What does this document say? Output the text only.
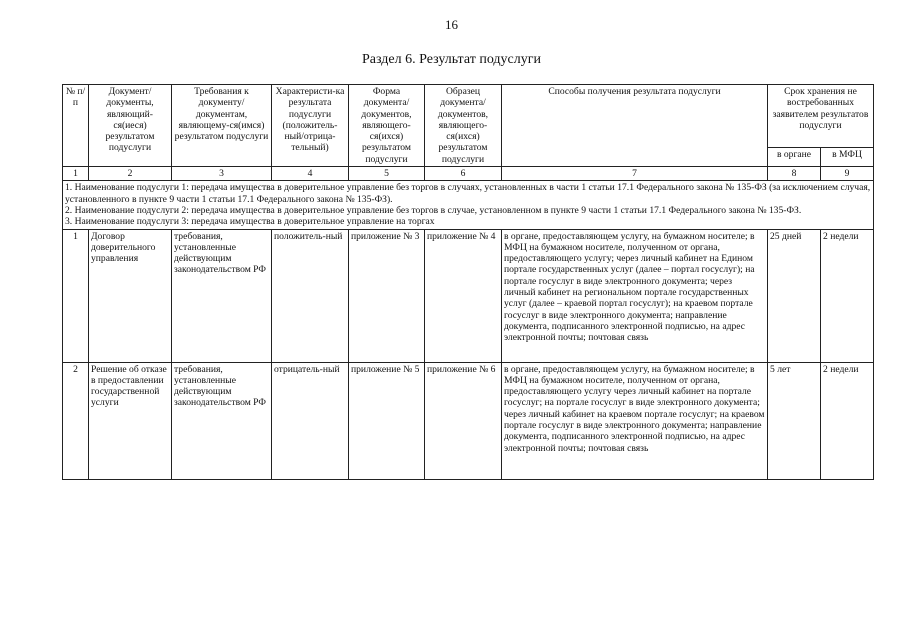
16
Раздел 6. Результат подуслуги
№ п/п	Документ/ документы, являющий-ся(иеся) результатом подуслуги	Требования к документу/ документам, являющему-ся(имся) результатом подуслуги	Характеристи-ка результата подуслуги (положитель-ный/отрица-тельный)	Форма документа/ документов, являющего-ся(ихся) результатом подуслуги	Образец документа/ документов, являющего-ся(ихся) результатом подуслуги	Способы получения результата подуслуги	Срок хранения не востребованных заявителем результатов подуслуги	
							в органе	в МФЦ
1	2	3	4	5	6	7	8	9

1. Наименование подуслуги 1: передача имущества в доверительное управление без торгов в случаях, установленных в части 1 статьи 17.1 Федерального закона № 135-ФЗ (за исключением случая, установленного в пункте 9 части 1 статьи 17.1 Федерального закона № 135-ФЗ).
2. Наименование подуслуги 2: передача имущества в доверительное управление без торгов в случае, установленном в пункте 9 части 1 статьи 17.1 Федерального закона № 135-ФЗ.
3. Наименование подуслуги 3: передача имущества в доверительное управление на торгах								

1	Договор доверительного управления	требования, установленные действующим законодательством РФ	положитель-ный	приложение № 3	приложение № 4	в органе, предоставляющем услугу, на бумажном носителе; в МФЦ на бумажном носителе, полученном от органа, предоставляющего услугу; через личный кабинет на Едином портале государственных услуг (далее – портал госуслуг); на портале госуслуг в виде электронного документа; через личный кабинет на региональном портале государственных услуг (далее – краевой портал госуслуг); на краевом портале госуслуг в виде электронного документа; направление документа, подписанного электронной подписью, на адрес электронной почты; почтовая связь	25 дней	2 недели
2	Решение об отказе в предоставлении государственной услуги	требования, установленные действующим законодательством РФ	отрицатель-ный	приложение № 5	приложение № 6	в органе, предоставляющем услугу, на бумажном носителе; в МФЦ на бумажном носителе, полученном от органа, предоставляющего услугу через личный кабинет на портале госуслуг; на портале госуслуг в виде электронного документа; через личный кабинет на краевом портале госуслуг; на краевом портале госуслуг в виде электронного документа; направление документа, подписанного электронной подписью, на адрес электронной почты; почтовая связь	5 лет	2 недели
